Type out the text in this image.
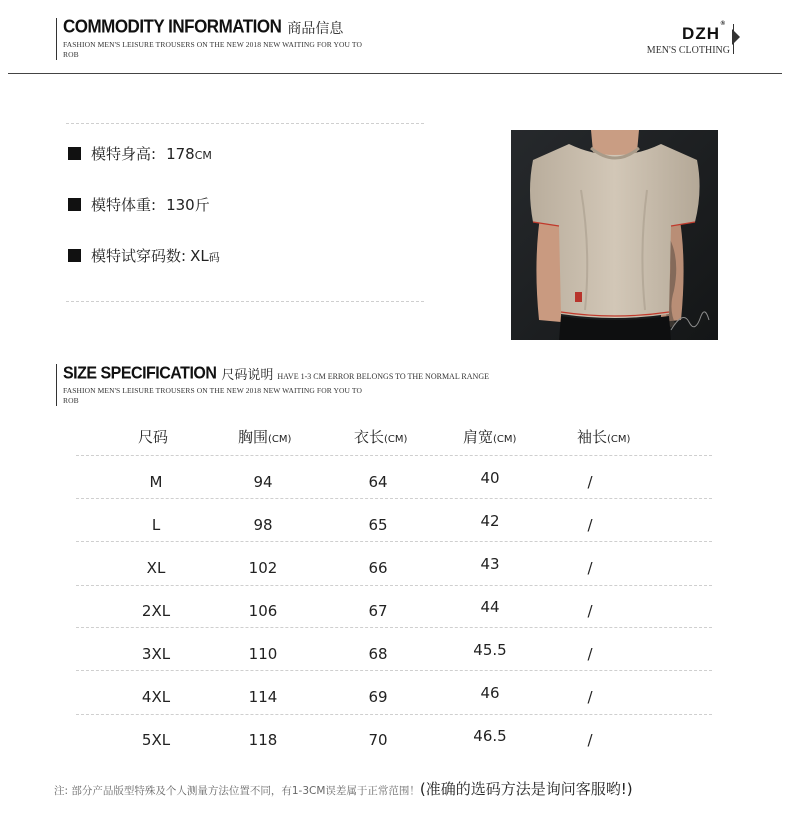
COMMODITY INFORMATION 商品信息
FASHION MEN'S LEISURE TROUSERS ON THE NEW 2018 NEW WAITING FOR YOU TO ROB
DZH ®
MEN'S CLOTHING
模特身高: 178CM
模特体重: 130斤
模特试穿码数: XL码
SIZE SPECIFICATION 尺码说明 HAVE 1-3 CM ERROR BELONGS TO THE NORMAL RANGE
FASHION MEN'S LEISURE TROUSERS ON THE NEW 2018 NEW WAITING FOR YOU TO ROB
尺码	胸围(CM)	衣长(CM)	肩宽(CM)	袖长(CM)
M	94	64	40	/
L	98	65	42	/
XL	102	66	43	/
2XL	106	67	44	/
3XL	110	68	45.5	/
4XL	114	69	46	/
5XL	118	70	46.5	/
注: 部分产品版型特殊及个人测量方法位置不同，有1-3CM误差属于正常范围！(准确的选码方法是询问客服哟!)
